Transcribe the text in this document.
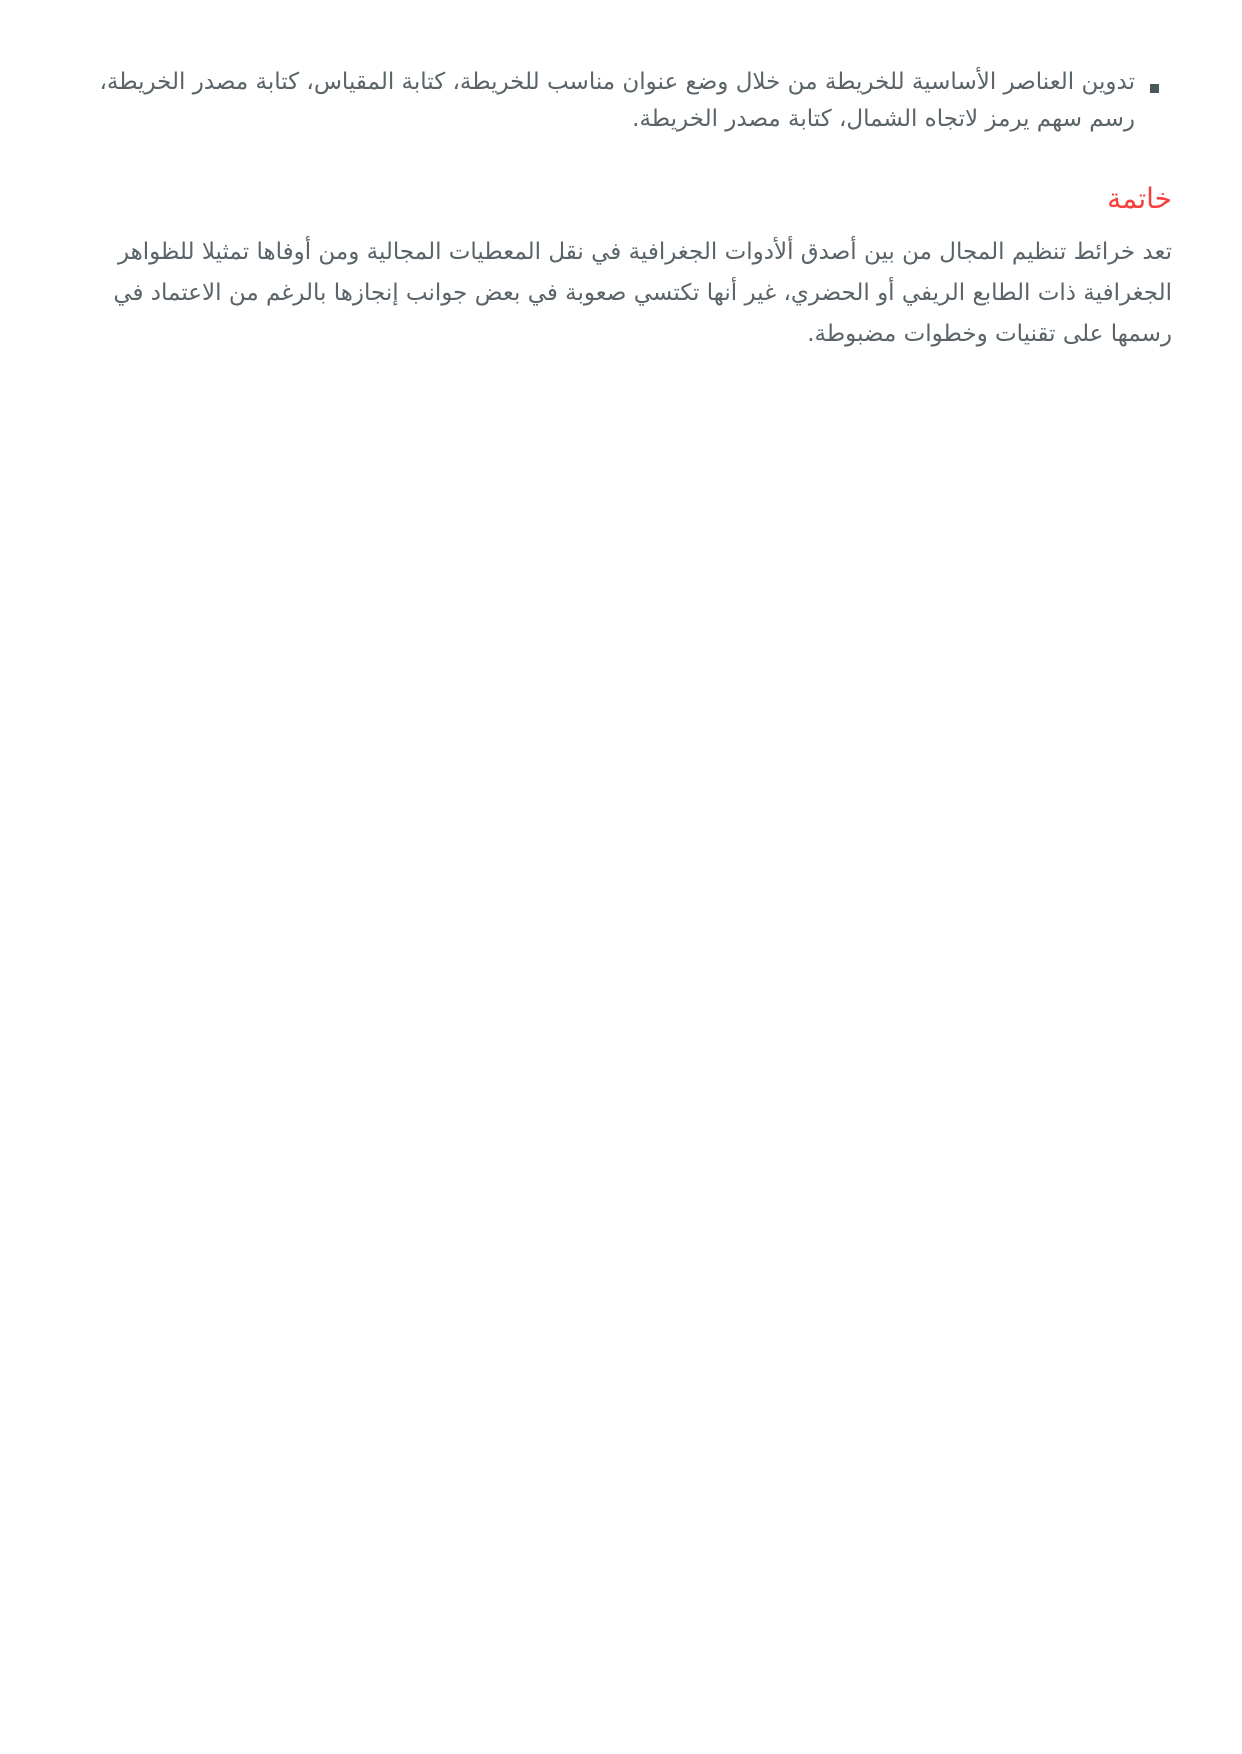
تدوين العناصر الأساسية للخريطة من خلال وضع عنوان مناسب للخريطة، كتابة المقياس، كتابة مصدر الخريطة، رسم سهم يرمز لاتجاه الشمال، كتابة مصدر الخريطة.
خاتمة

تعد خرائط تنظيم المجال من بين أصدق ألأدوات الجغرافية في نقل المعطيات المجالية ومن أوفاها تمثيلا للظواهر الجغرافية ذات الطابع الريفي أو الحضري، غير أنها تكتسي صعوبة في بعض جوانب إنجازها بالرغم من الاعتماد في رسمها على تقنيات وخطوات مضبوطة.
